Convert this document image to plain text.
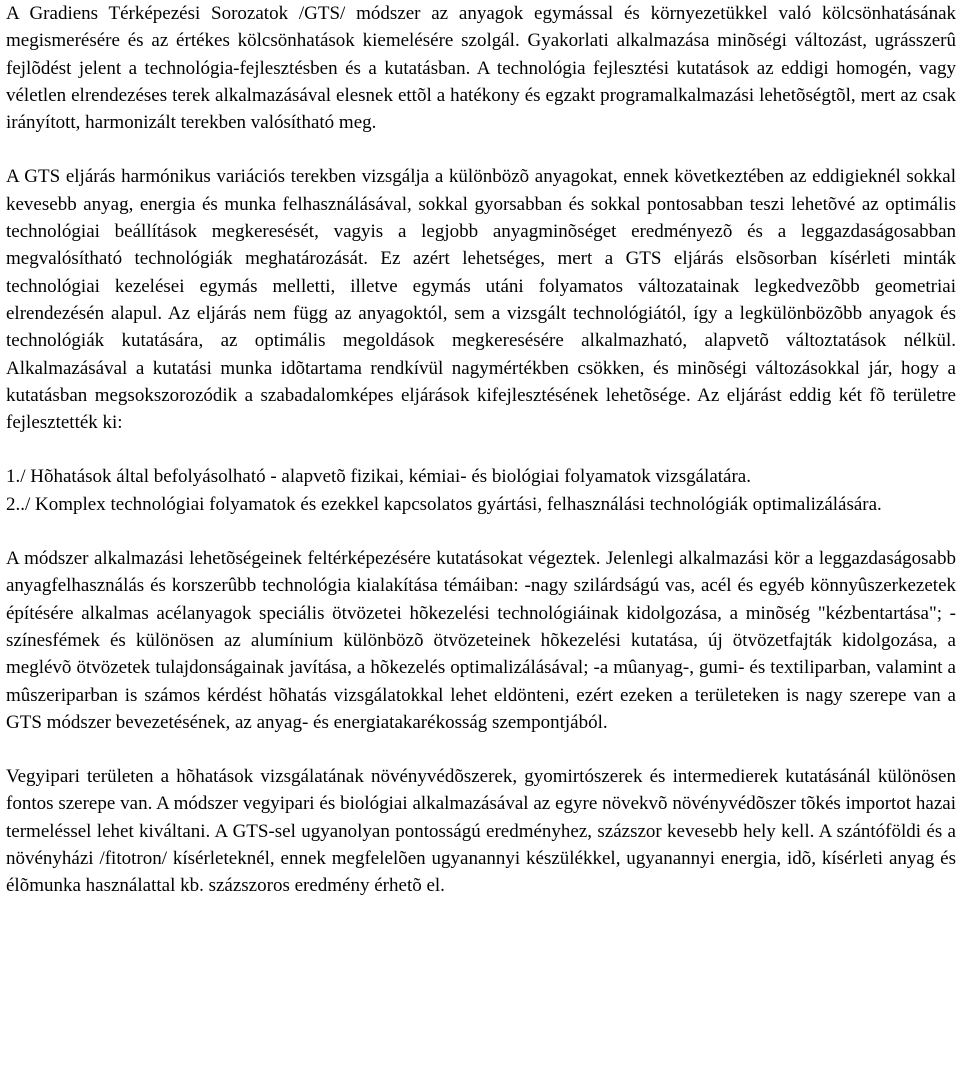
A Gradiens Térképezési Sorozatok /GTS/ módszer az anyagok egymással és környezetükkel való kölcsönhatásának megismerésére és az értékes kölcsönhatások kiemelésére szolgál. Gyakorlati alkalmazása minõségi változást, ugrásszerû fejlõdést jelent a technológia-fejlesztésben és a kutatásban. A technológia fejlesztési kutatások az eddigi homogén, vagy véletlen elrendezéses terek alkalmazásával elesnek ettõl a hatékony és egzakt programalkalmazási lehetõségtõl, mert az csak irányított, harmonizált terekben valósítható meg.

A GTS eljárás harmónikus variációs terekben vizsgálja a különbözõ anyagokat, ennek következtében az eddigieknél sokkal kevesebb anyag, energia és munka felhasználásával, sokkal gyorsabban és sokkal pontosabban teszi lehetõvé az optimális technológiai beállítások megkeresését, vagyis a legjobb anyagminõséget eredményezõ és a leggazdaságosabban megvalósítható technológiák meghatározását. Ez azért lehetséges, mert a GTS eljárás elsõsorban kísérleti minták technológiai kezelései egymás melletti, illetve egymás utáni folyamatos változatainak legkedvezõbb geometriai elrendezésén alapul. Az eljárás nem függ az anyagoktól, sem a vizsgált technológiától, így a legkülönbözõbb anyagok és technológiák kutatására, az optimális megoldások megkeresésére alkalmazható, alapvetõ változtatások nélkül. Alkalmazásával a kutatási munka idõtartama rendkívül nagymértékben csökken, és minõségi változásokkal jár, hogy a kutatásban megsokszorozódik a szabadalomképes eljárások kifejlesztésének lehetõsége. Az eljárást eddig két fõ területre fejlesztették ki:

1./ Hõhatások által befolyásolható - alapvetõ fizikai, kémiai- és biológiai folyamatok vizsgálatára.

2../ Komplex technológiai folyamatok és ezekkel kapcsolatos gyártási, felhasználási technológiák optimalizálására.

A módszer alkalmazási lehetõségeinek feltérképezésére kutatásokat végeztek. Jelenlegi alkalmazási kör a leggazdaságosabb anyagfelhasználás és korszerûbb technológia kialakítása témáiban: -nagy szilárdságú vas, acél és egyéb könnyûszerkezetek építésére alkalmas acélanyagok speciális ötvözetei hõkezelési technológiáinak kidolgozása, a minõség "kézbentartása"; -színesfémek és különösen az alumínium különbözõ ötvözeteinek hõkezelési kutatása, új ötvözetfajták kidolgozása, a meglévõ ötvözetek tulajdonságainak javítása, a hõkezelés optimalizálásával; -a mûanyag-, gumi- és textiliparban, valamint a mûszeriparban is számos kérdést hõhatás vizsgálatokkal lehet eldönteni, ezért ezeken a területeken is nagy szerepe van a GTS módszer bevezetésének, az anyag- és energiatakarékosság szempontjából.

Vegyipari területen a hõhatások vizsgálatának növényvédõszerek, gyomirtószerek és intermedierek kutatásánál különösen fontos szerepe van. A módszer vegyipari és biológiai alkalmazásával az egyre növekvõ növényvédõszer tõkés importot hazai termeléssel lehet kiváltani. A GTS-sel ugyanolyan pontosságú eredményhez, százszor kevesebb hely kell. A szántóföldi és a növényházi /fitotron/ kísérleteknél, ennek megfelelõen ugyanannyi készülékkel, ugyanannyi energia, idõ, kísérleti anyag és élõmunka használattal kb. százszoros eredmény érhetõ el.
